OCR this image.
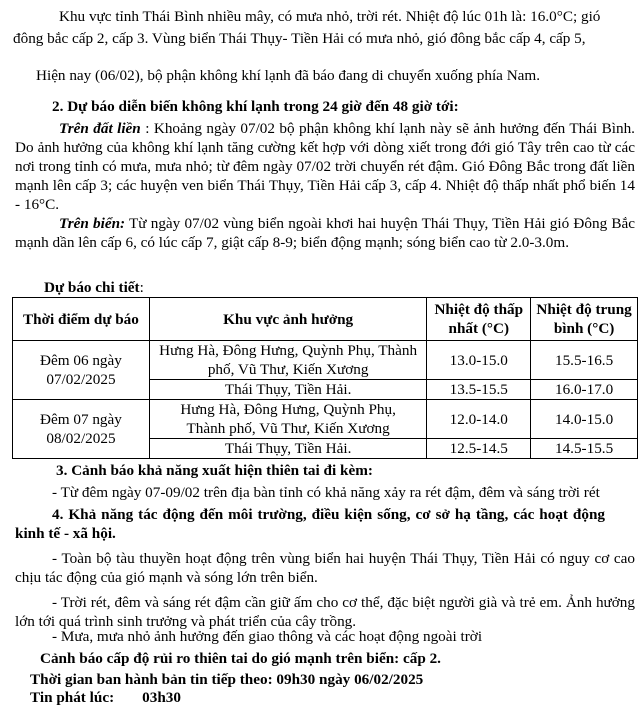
Khu vực tỉnh Thái Bình nhiều mây, có mưa nhỏ, trời rét. Nhiệt độ lúc 01h là: 16.0°C; gió
đông bắc cấp 2, cấp 3. Vùng biển Thái Thụy- Tiền Hải có mưa nhỏ, gió đông bắc cấp 4, cấp 5,
Hiện nay (06/02), bộ phận không khí lạnh đã báo đang di chuyển xuống phía Nam.
2. Dự báo diễn biến không khí lạnh trong 24 giờ đến 48 giờ tới:
Trên đất liền : Khoảng ngày 07/02 bộ phận không khí lạnh này sẽ ảnh hưởng đến Thái Bình. Do ảnh hưởng của không khí lạnh tăng cường kết hợp với dòng xiết trong đới gió Tây trên cao từ các nơi trong tỉnh có mưa, mưa nhỏ; từ đêm ngày 07/02 trời chuyển rét đậm. Gió Đông Bắc trong đất liền mạnh lên cấp 3; các huyện ven biển Thái Thụy, Tiền Hải cấp 3, cấp 4. Nhiệt độ thấp nhất phổ biến 14 - 16°C.
Trên biển: Từ ngày 07/02 vùng biển ngoài khơi hai huyện Thái Thụy, Tiền Hải gió Đông Bắc mạnh dần lên cấp 6, có lúc cấp 7, giật cấp 8-9; biển động mạnh; sóng biển cao từ 2.0-3.0m.
Dự báo chi tiết:
Thời điểm dự báo	Khu vực ảnh hưởng	Nhiệt độ thấp nhất (°C)	Nhiệt độ trung bình (°C)
Đêm 06 ngày 07/02/2025	Hưng Hà, Đông Hưng, Quỳnh Phụ, Thành phố, Vũ Thư, Kiến Xương	13.0-15.0	15.5-16.5
	Thái Thụy, Tiền Hải.	13.5-15.5	16.0-17.0
Đêm 07 ngày 08/02/2025	Hưng Hà, Đông Hưng, Quỳnh Phụ, Thành phố, Vũ Thư, Kiến Xương	12.0-14.0	14.0-15.0
	Thái Thụy, Tiền Hải.	12.5-14.5	14.5-15.5
3. Cảnh báo khả năng xuất hiện thiên tai đi kèm:
- Từ đêm ngày 07-09/02 trên địa bàn tỉnh có khả năng xảy ra rét đậm, đêm và sáng trời rét
4. Khả năng tác động đến môi trường, điều kiện sống, cơ sở hạ tầng, các hoạt động kinh tế - xã hội.
- Toàn bộ tàu thuyền hoạt động trên vùng biển hai huyện Thái Thụy, Tiền Hải có nguy cơ cao chịu tác động của gió mạnh và sóng lớn trên biển.
- Trời rét, đêm và sáng rét đậm cần giữ ấm cho cơ thể, đặc biệt người già và trẻ em. Ảnh hưởng lớn tới quá trình sinh trưởng và phát triển của cây trồng.
- Mưa, mưa nhỏ ảnh hưởng đến giao thông và các hoạt động ngoài trời
Cảnh báo cấp độ rủi ro thiên tai do gió mạnh trên biển: cấp 2.
Thời gian ban hành bản tin tiếp theo: 09h30 ngày 06/02/2025
Tin phát lúc: 03h30
